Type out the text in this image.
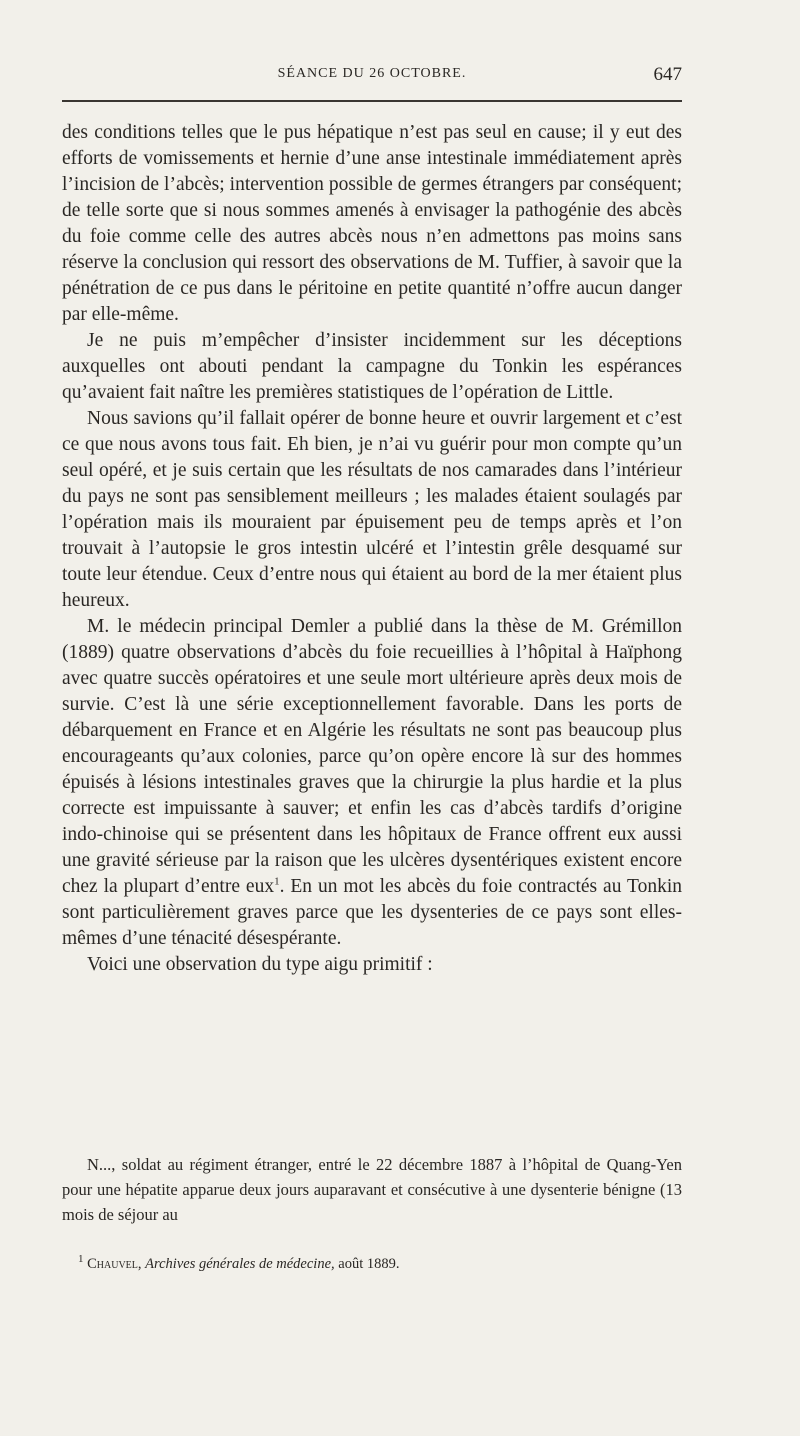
SÉANCE DU 26 OCTOBRE.	647

des conditions telles que le pus hépatique n’est pas seul en cause; il y eut des efforts de vomissements et hernie d’une anse intestinale immédiatement après l’incision de l’abcès; intervention possible de germes étrangers par conséquent; de telle sorte que si nous sommes amenés à envisager la pathogénie des abcès du foie comme celle des autres abcès nous n’en admettons pas moins sans réserve la conclusion qui ressort des observations de M. Tuffier, à savoir que la pénétration de ce pus dans le péritoine en petite quantité n’offre aucun danger par elle-même.

Je ne puis m’empêcher d’insister incidemment sur les déceptions auxquelles ont abouti pendant la campagne du Tonkin les espérances qu’avaient fait naître les premières statistiques de l’opération de Little.

Nous savions qu’il fallait opérer de bonne heure et ouvrir largement et c’est ce que nous avons tous fait. Eh bien, je n’ai vu guérir pour mon compte qu’un seul opéré, et je suis certain que les résultats de nos camarades dans l’intérieur du pays ne sont pas sensiblement meilleurs ; les malades étaient soulagés par l’opération mais ils mouraient par épuisement peu de temps après et l’on trouvait à l’autopsie le gros intestin ulcéré et l’intestin grêle desquamé sur toute leur étendue. Ceux d’entre nous qui étaient au bord de la mer étaient plus heureux.

M. le médecin principal Demler a publié dans la thèse de M. Grémillon (1889) quatre observations d’abcès du foie recueillies à l’hôpital à Haïphong avec quatre succès opératoires et une seule mort ultérieure après deux mois de survie. C’est là une série exceptionnellement favorable. Dans les ports de débarquement en France et en Algérie les résultats ne sont pas beaucoup plus encourageants qu’aux colonies, parce qu’on opère encore là sur des hommes épuisés à lésions intestinales graves que la chirurgie la plus hardie et la plus correcte est impuissante à sauver; et enfin les cas d’abcès tardifs d’origine indo-chinoise qui se présentent dans les hôpitaux de France offrent eux aussi une gravité sérieuse par la raison que les ulcères dysentériques existent encore chez la plupart d’entre eux$^1$. En un mot les abcès du foie contractés au Tonkin sont particulièrement graves parce que les dysenteries de ce pays sont elles-mêmes d’une ténacité désespérante.

Voici une observation du type aigu primitif :

N..., soldat au régiment étranger, entré le 22 décembre 1887 à l’hôpital de Quang-Yen pour une hépatite apparue deux jours auparavant et consécutive à une dysenterie bénigne (13 mois de séjour au

$^1$ Chauvel, Archives générales de médecine, août 1889.
